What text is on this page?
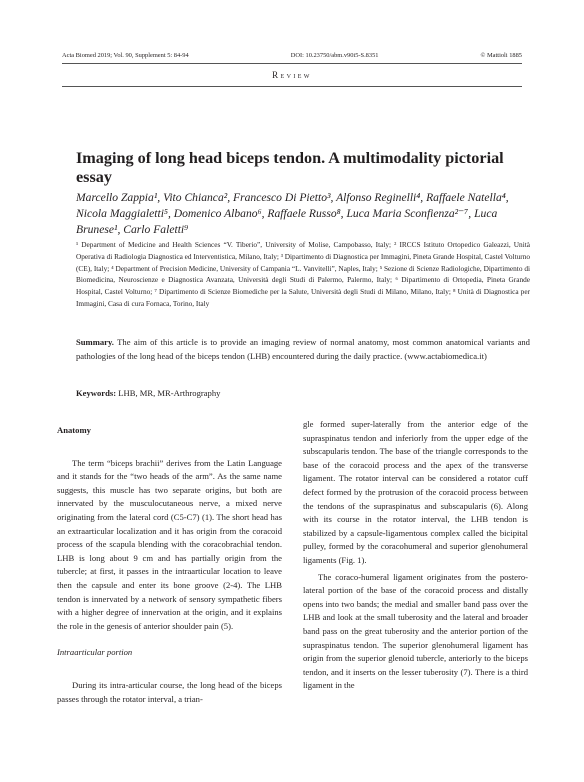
Acta Biomed 2019; Vol. 90, Supplement 5: 84-94	DOI: 10.23750/abm.v90i5-S.8351	© Mattioli 1885
Review
Imaging of long head biceps tendon. A multimodality pictorial essay

Marcello Zappia¹, Vito Chianca², Francesco Di Pietto³, Alfonso Reginelli⁴, Raffaele Natella⁴, Nicola Maggialetti⁵, Domenico Albano⁶, Raffaele Russo⁸, Luca Maria Sconfienza²⁻⁷, Luca Brunese¹, Carlo Faletti⁹

¹ Department of Medicine and Health Sciences “V. Tiberio”, University of Molise, Campobasso, Italy; ² IRCCS Istituto Ortopedico Galeazzi, Unità Operativa di Radiologia Diagnostica ed Interventistica, Milano, Italy; ³ Dipartimento di Diagnostica per Immagini, Pineta Grande Hospital, Castel Volturno (CE), Italy; ⁴ Department of Precision Medicine, University of Campania “L. Vanvitelli”, Naples, Italy; ⁵ Sezione di Scienze Radiologiche, Dipartimento di Biomedicina, Neuroscienze e Diagnostica Avanzata, Università degli Studi di Palermo, Palermo, Italy; ⁶ Dipartimento di Ortopedia, Pineta Grande Hospital, Castel Volturno; ⁷ Dipartimento di Scienze Biomediche per la Salute, Università degli Studi di Milano, Milano, Italy; ⁸ Unità di Diagnostica per Immagini, Casa di cura Fornaca, Torino, Italy

Summary. The aim of this article is to provide an imaging review of normal anatomy, most common anatomical variants and pathologies of the long head of the biceps tendon (LHB) encountered during the daily practice. (www.actabiomedica.it)

Keywords: LHB, MR, MR-Arthrography

Anatomy

The term “biceps brachii” derives from the Latin Language and it stands for the “two heads of the arm”. As the same name suggests, this muscle has two separate origins, but both are innervated by the musculocutaneous nerve, a mixed nerve originating from the lateral cord (C5-C7) (1). The short head has an extraarticular localization and it has origin from the coracoid process of the scapula blending with the coracobrachial tendon. LHB is long about 9 cm and has partially origin from the tubercle; at first, it passes in the intraarticular location to leave then the capsule and enter its bone groove (2-4). The LHB tendon is innervated by a network of sensory sympathetic fibers with a higher degree of innervation at the origin, and it explains the role in the genesis of anterior shoulder pain (5).

Intraarticular portion

During its intra-articular course, the long head of the biceps passes through the rotator interval, a trian-

gle formed super-laterally from the anterior edge of the supraspinatus tendon and inferiorly from the upper edge of the subscapularis tendon. The base of the triangle corresponds to the base of the coracoid process and the apex of the transverse ligament. The rotator interval can be considered a rotator cuff defect formed by the protrusion of the coracoid process between the tendons of the supraspinatus and subscapularis (6). Along with its course in the rotator interval, the LHB tendon is stabilized by a capsule-ligamentous complex called the bicipital pulley, formed by the coracohumeral and superior glenohumeral ligaments (Fig. 1).

The coraco-humeral ligament originates from the postero-lateral portion of the base of the coracoid process and distally opens into two bands; the medial and smaller band pass over the LHB and look at the small tuberosity and the lateral and broader band pass on the great tuberosity and the anterior portion of the supraspinatus tendon. The superior glenohumeral ligament has origin from the superior glenoid tubercle, anteriorly to the biceps tendon, and it inserts on the lesser tuberosity (7). There is a third ligament in the
